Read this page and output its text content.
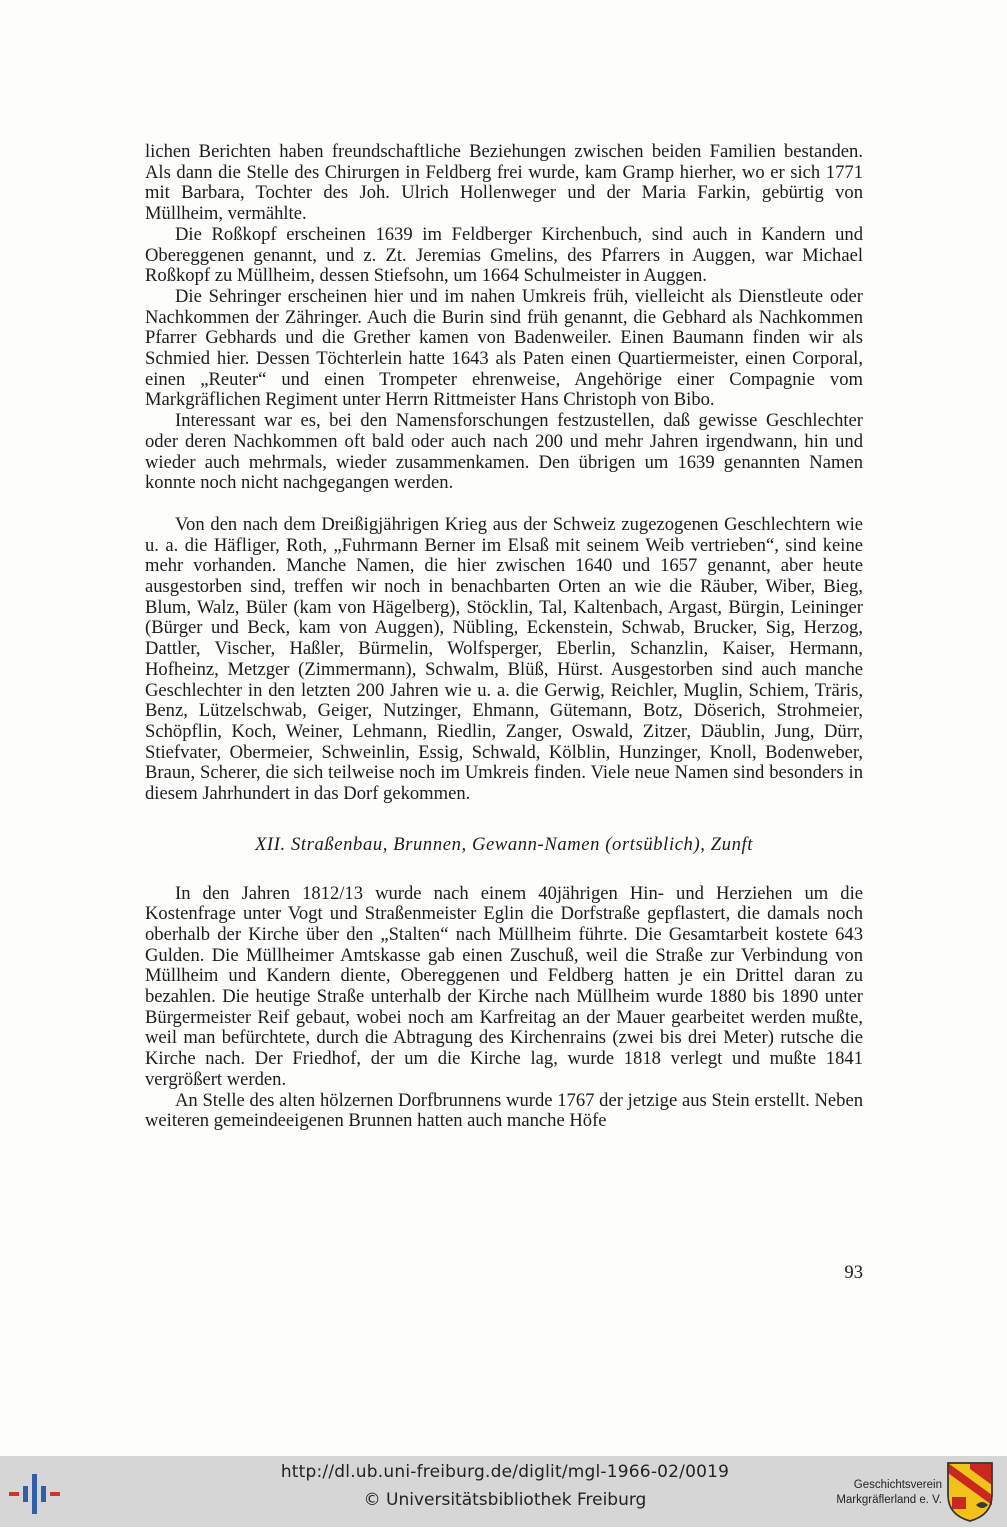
lichen Berichten haben freundschaftliche Beziehungen zwischen beiden Familien bestanden. Als dann die Stelle des Chirurgen in Feldberg frei wurde, kam Gramp hierher, wo er sich 1771 mit Barbara, Tochter des Joh. Ulrich Hollenweger und der Maria Farkin, gebürtig von Müllheim, vermählte.

Die Roßkopf erscheinen 1639 im Feldberger Kirchenbuch, sind auch in Kandern und Obereggenen genannt, und z. Zt. Jeremias Gmelins, des Pfarrers in Auggen, war Michael Roßkopf zu Müllheim, dessen Stiefsohn, um 1664 Schulmeister in Auggen.

Die Sehringer erscheinen hier und im nahen Umkreis früh, vielleicht als Dienstleute oder Nachkommen der Zähringer. Auch die Burin sind früh genannt, die Gebhard als Nachkommen Pfarrer Gebhards und die Grether kamen von Badenweiler. Einen Baumann finden wir als Schmied hier. Dessen Töchterlein hatte 1643 als Paten einen Quartiermeister, einen Corporal, einen „Reuter“ und einen Trompeter ehrenweise, Angehörige einer Compagnie vom Markgräflichen Regiment unter Herrn Rittmeister Hans Christoph von Bibo.

Interessant war es, bei den Namensforschungen festzustellen, daß gewisse Geschlechter oder deren Nachkommen oft bald oder auch nach 200 und mehr Jahren irgendwann, hin und wieder auch mehrmals, wieder zusammenkamen. Den übrigen um 1639 genannten Namen konnte noch nicht nachgegangen werden.

Von den nach dem Dreißigjährigen Krieg aus der Schweiz zugezogenen Geschlechtern wie u. a. die Häfliger, Roth, „Fuhrmann Berner im Elsaß mit seinem Weib vertrieben“, sind keine mehr vorhanden. Manche Namen, die hier zwischen 1640 und 1657 genannt, aber heute ausgestorben sind, treffen wir noch in benachbarten Orten an wie die Räuber, Wiber, Bieg, Blum, Walz, Büler (kam von Hägelberg), Stöcklin, Tal, Kaltenbach, Argast, Bürgin, Leininger (Bürger und Beck, kam von Auggen), Nübling, Eckenstein, Schwab, Brucker, Sig, Herzog, Dattler, Vischer, Haßler, Bürmelin, Wolfsperger, Eberlin, Schanzlin, Kaiser, Hermann, Hofheinz, Metzger (Zimmermann), Schwalm, Blüß, Hürst. Ausgestorben sind auch manche Geschlechter in den letzten 200 Jahren wie u. a. die Gerwig, Reichler, Muglin, Schiem, Träris, Benz, Lützelschwab, Geiger, Nutzinger, Ehmann, Gütemann, Botz, Döserich, Strohmeier, Schöpflin, Koch, Weiner, Lehmann, Riedlin, Zanger, Oswald, Zitzer, Däublin, Jung, Dürr, Stiefvater, Obermeier, Schweinlin, Essig, Schwald, Kölblin, Hunzinger, Knoll, Bodenweber, Braun, Scherer, die sich teilweise noch im Umkreis finden. Viele neue Namen sind besonders in diesem Jahrhundert in das Dorf gekommen.

XII. Straßenbau, Brunnen, Gewann-Namen (ortsüblich), Zunft

In den Jahren 1812/13 wurde nach einem 40jährigen Hin- und Herziehen um die Kostenfrage unter Vogt und Straßenmeister Eglin die Dorfstraße gepflastert, die damals noch oberhalb der Kirche über den „Stalten“ nach Müllheim führte. Die Gesamtarbeit kostete 643 Gulden. Die Müllheimer Amtskasse gab einen Zuschuß, weil die Straße zur Verbindung von Müllheim und Kandern diente, Obereggenen und Feldberg hatten je ein Drittel daran zu bezahlen. Die heutige Straße unterhalb der Kirche nach Müllheim wurde 1880 bis 1890 unter Bürgermeister Reif gebaut, wobei noch am Karfreitag an der Mauer gearbeitet werden mußte, weil man befürchtete, durch die Abtragung des Kirchenrains (zwei bis drei Meter) rutsche die Kirche nach. Der Friedhof, der um die Kirche lag, wurde 1818 verlegt und mußte 1841 vergrößert werden.

An Stelle des alten hölzernen Dorfbrunnens wurde 1767 der jetzige aus Stein erstellt. Neben weiteren gemeindeeigenen Brunnen hatten auch manche Höfe

93
http://dl.ub.uni-freiburg.de/diglit/mgl-1966-02/0019
© Universitätsbibliothek Freiburg
Geschichtsverein
Markgräflerland e. V.
